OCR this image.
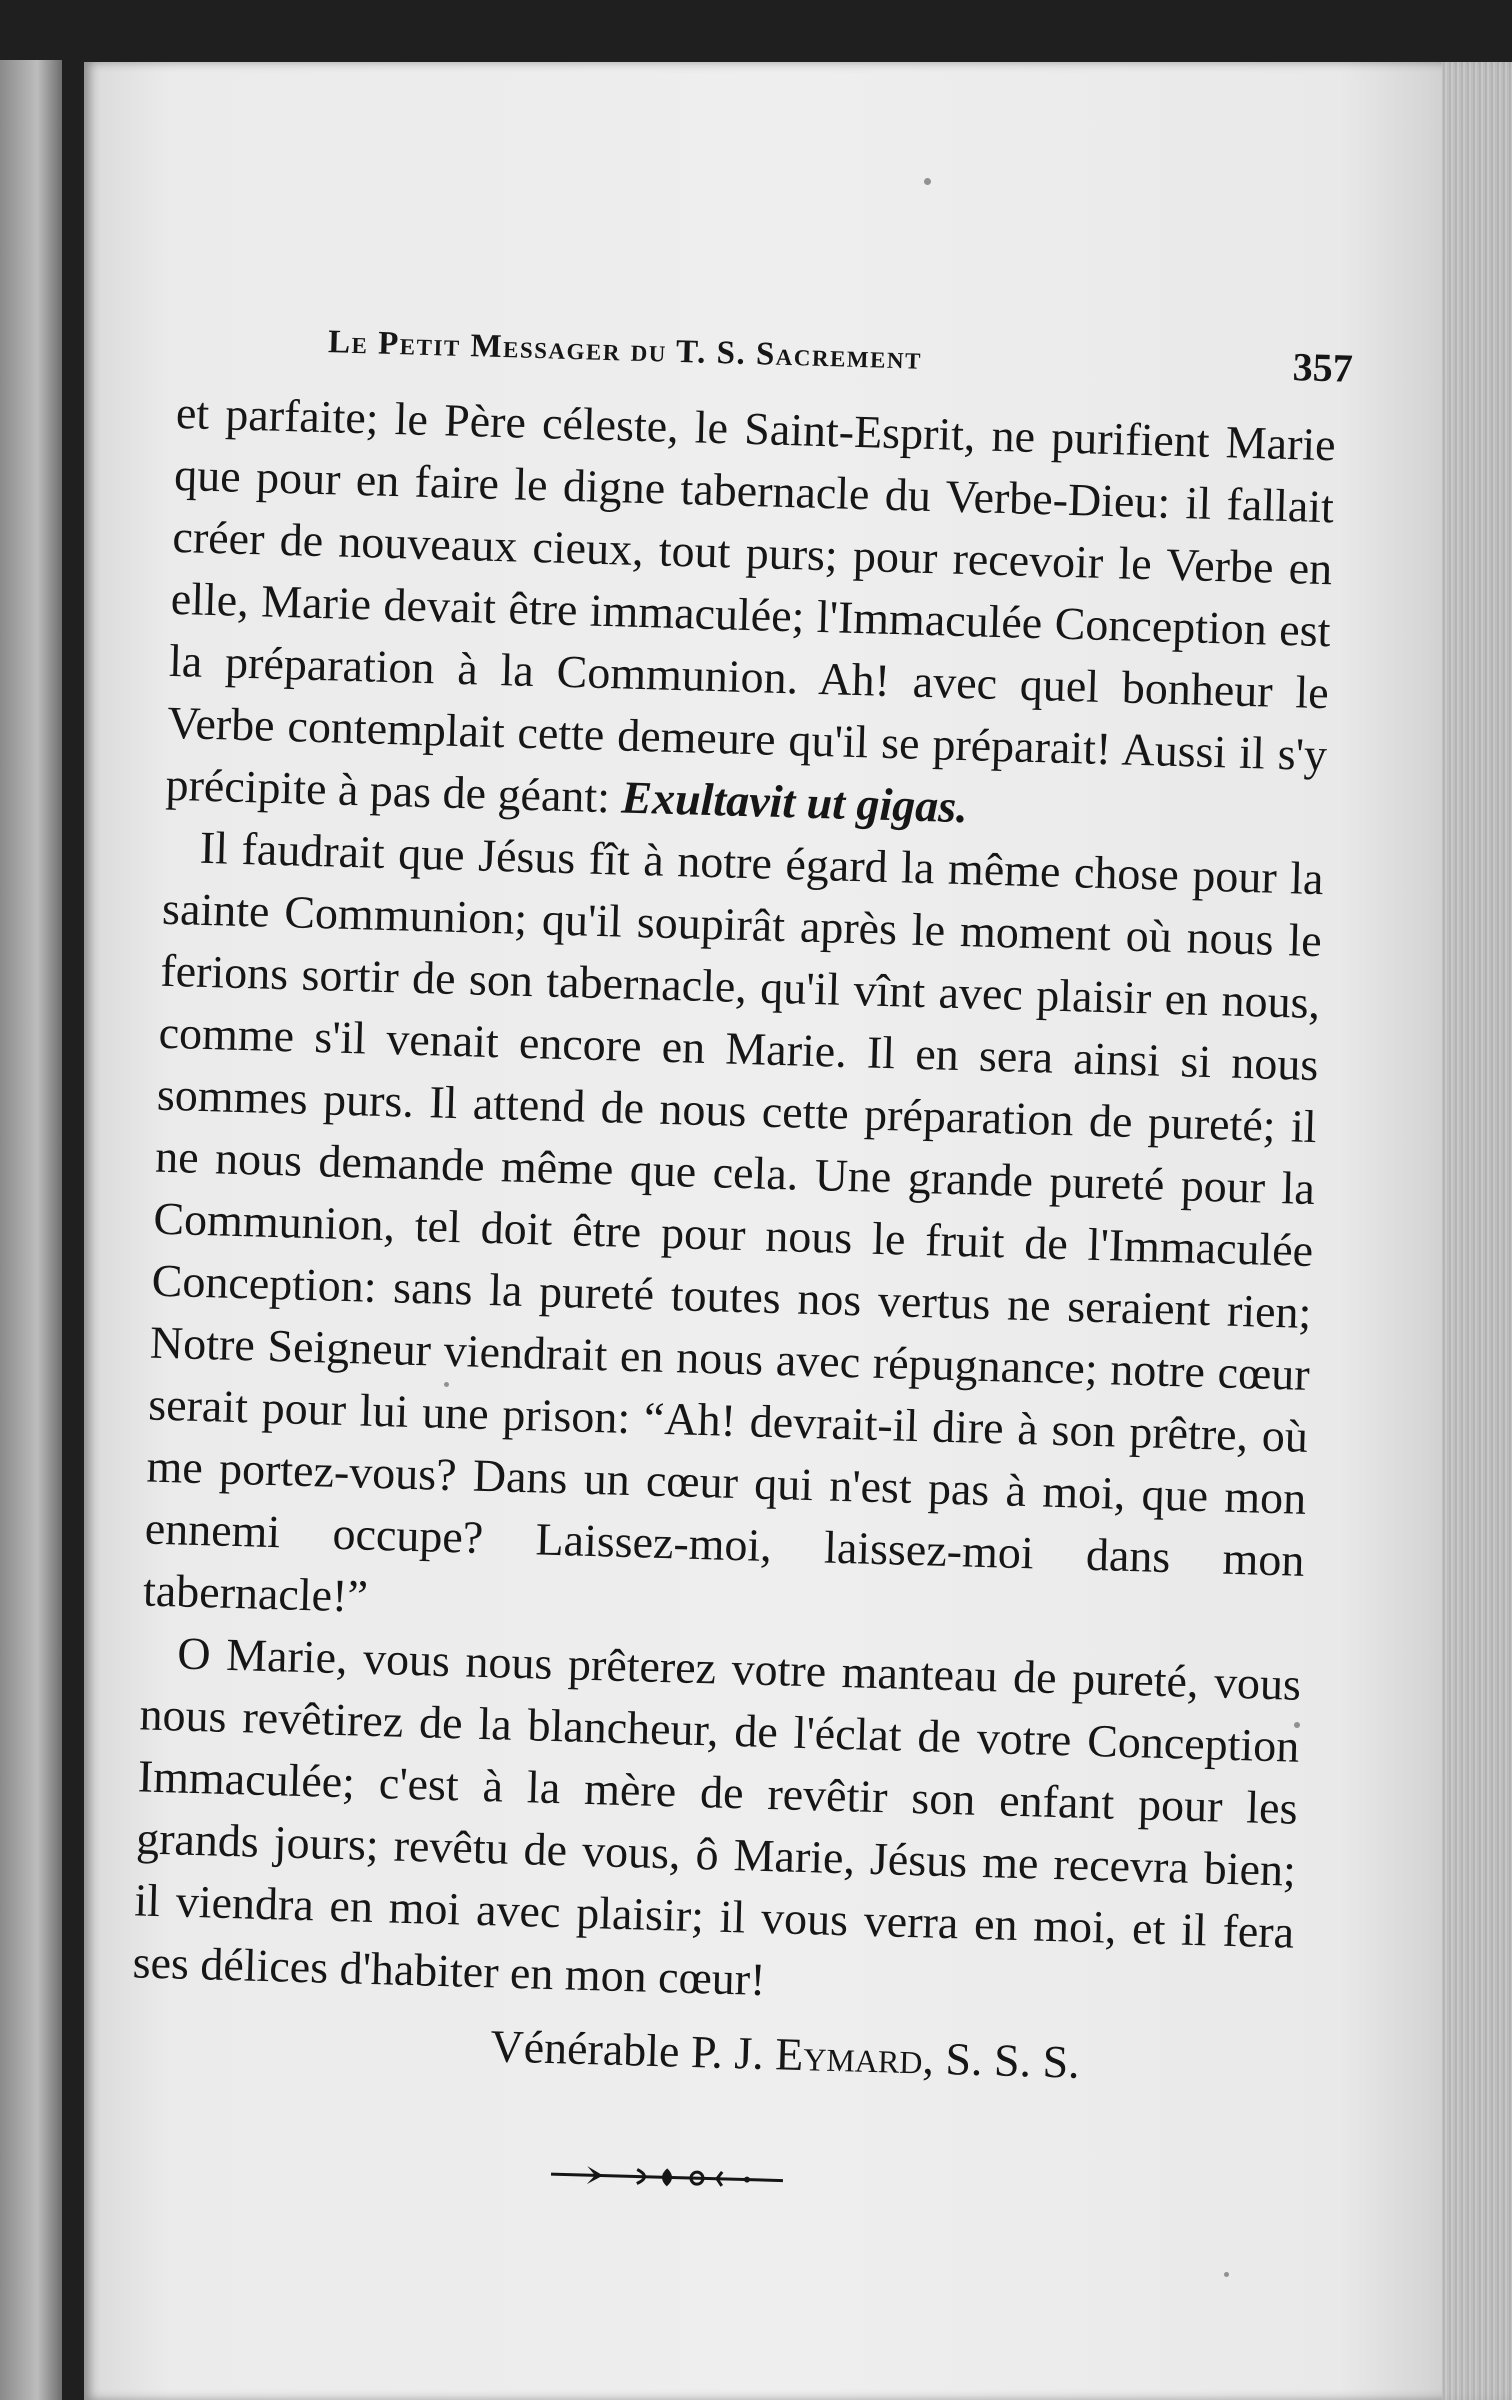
Le Petit Messager du T. S. Sacrement	357

et parfaite; le Père céleste, le Saint-Esprit, ne purifient Marie que pour en faire le digne tabernacle du Verbe-Dieu: il fallait créer de nouveaux cieux, tout purs; pour recevoir le Verbe en elle, Marie devait être immaculée; l'Immaculée Conception est la préparation à la Communion. Ah! avec quel bonheur le Verbe contemplait cette demeure qu'il se préparait! Aussi il s'y précipite à pas de géant: Exultavit ut gigas.

Il faudrait que Jésus fît à notre égard la même chose pour la sainte Communion; qu'il soupirât après le moment où nous le ferions sortir de son tabernacle, qu'il vînt avec plaisir en nous, comme s'il venait encore en Marie. Il en sera ainsi si nous sommes purs. Il attend de nous cette préparation de pureté; il ne nous demande même que cela. Une grande pureté pour la Communion, tel doit être pour nous le fruit de l'Immaculée Conception: sans la pureté toutes nos vertus ne seraient rien; Notre Seigneur viendrait en nous avec répugnance; notre cœur serait pour lui une prison: “Ah! devrait-il dire à son prêtre, où me portez-vous? Dans un cœur qui n'est pas à moi, que mon ennemi occupe? Laissez-moi, laissez-moi dans mon tabernacle!”

O Marie, vous nous prêterez votre manteau de pureté, vous nous revêtirez de la blancheur, de l'éclat de votre Conception Immaculée; c'est à la mère de revêtir son enfant pour les grands jours; revêtu de vous, ô Marie, Jésus me recevra bien; il viendra en moi avec plaisir; il vous verra en moi, et il fera ses délices d'habiter en mon cœur!

Vénérable P. J. Eymard, S. S. S.
